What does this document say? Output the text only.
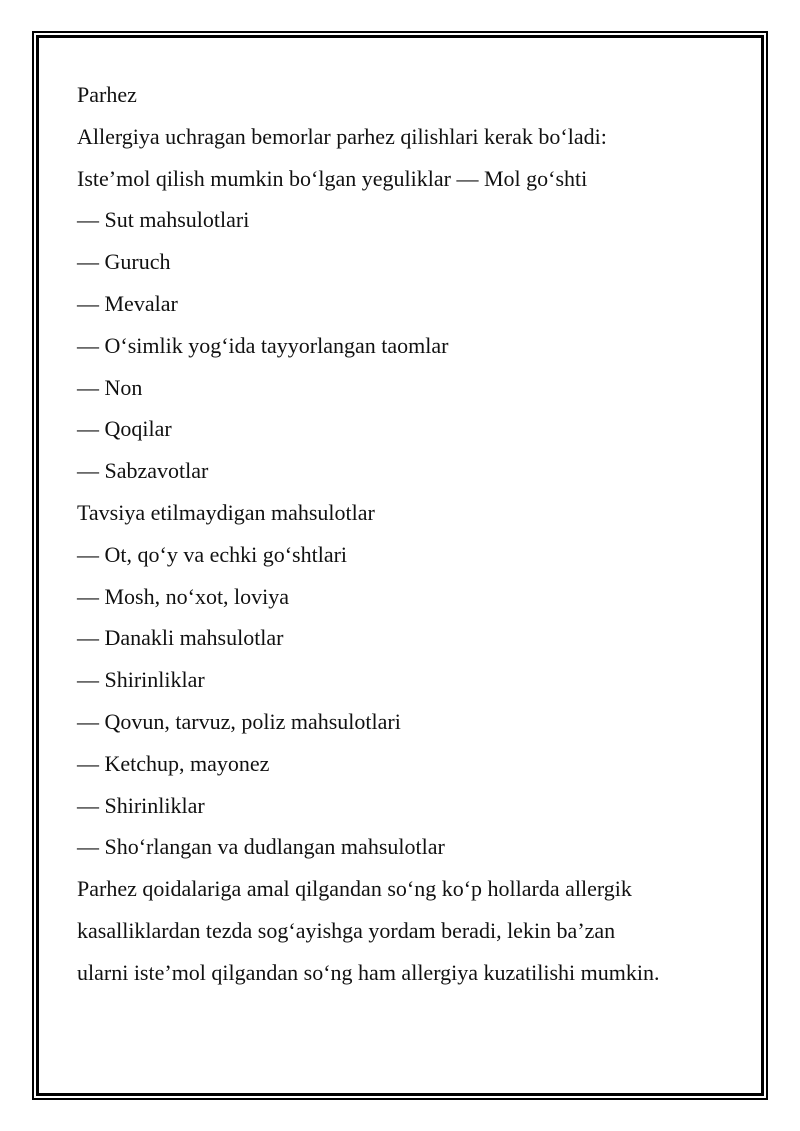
Parhez
Allergiya uchragan bemorlar parhez qilishlari kerak bo‘ladi:
Iste’mol qilish mumkin bo‘lgan yeguliklar — Mol go‘shti
— Sut mahsulotlari
— Guruch
— Mevalar
— O‘simlik yog‘ida tayyorlangan taomlar
— Non
— Qoqilar
— Sabzavotlar
Tavsiya etilmaydigan mahsulotlar
— Ot, qo‘y va echki go‘shtlari
— Mosh, no‘xot, loviya
— Danakli mahsulotlar
— Shirinliklar
— Qovun, tarvuz, poliz mahsulotlari
— Ketchup, mayonez
— Shirinliklar
— Sho‘rlangan va dudlangan mahsulotlar
Parhez qoidalariga amal qilgandan so‘ng ko‘p hollarda allergik
kasalliklardan tezda sog‘ayishga yordam beradi, lekin ba’zan
ularni iste’mol qilgandan so‘ng ham allergiya kuzatilishi mumkin.
